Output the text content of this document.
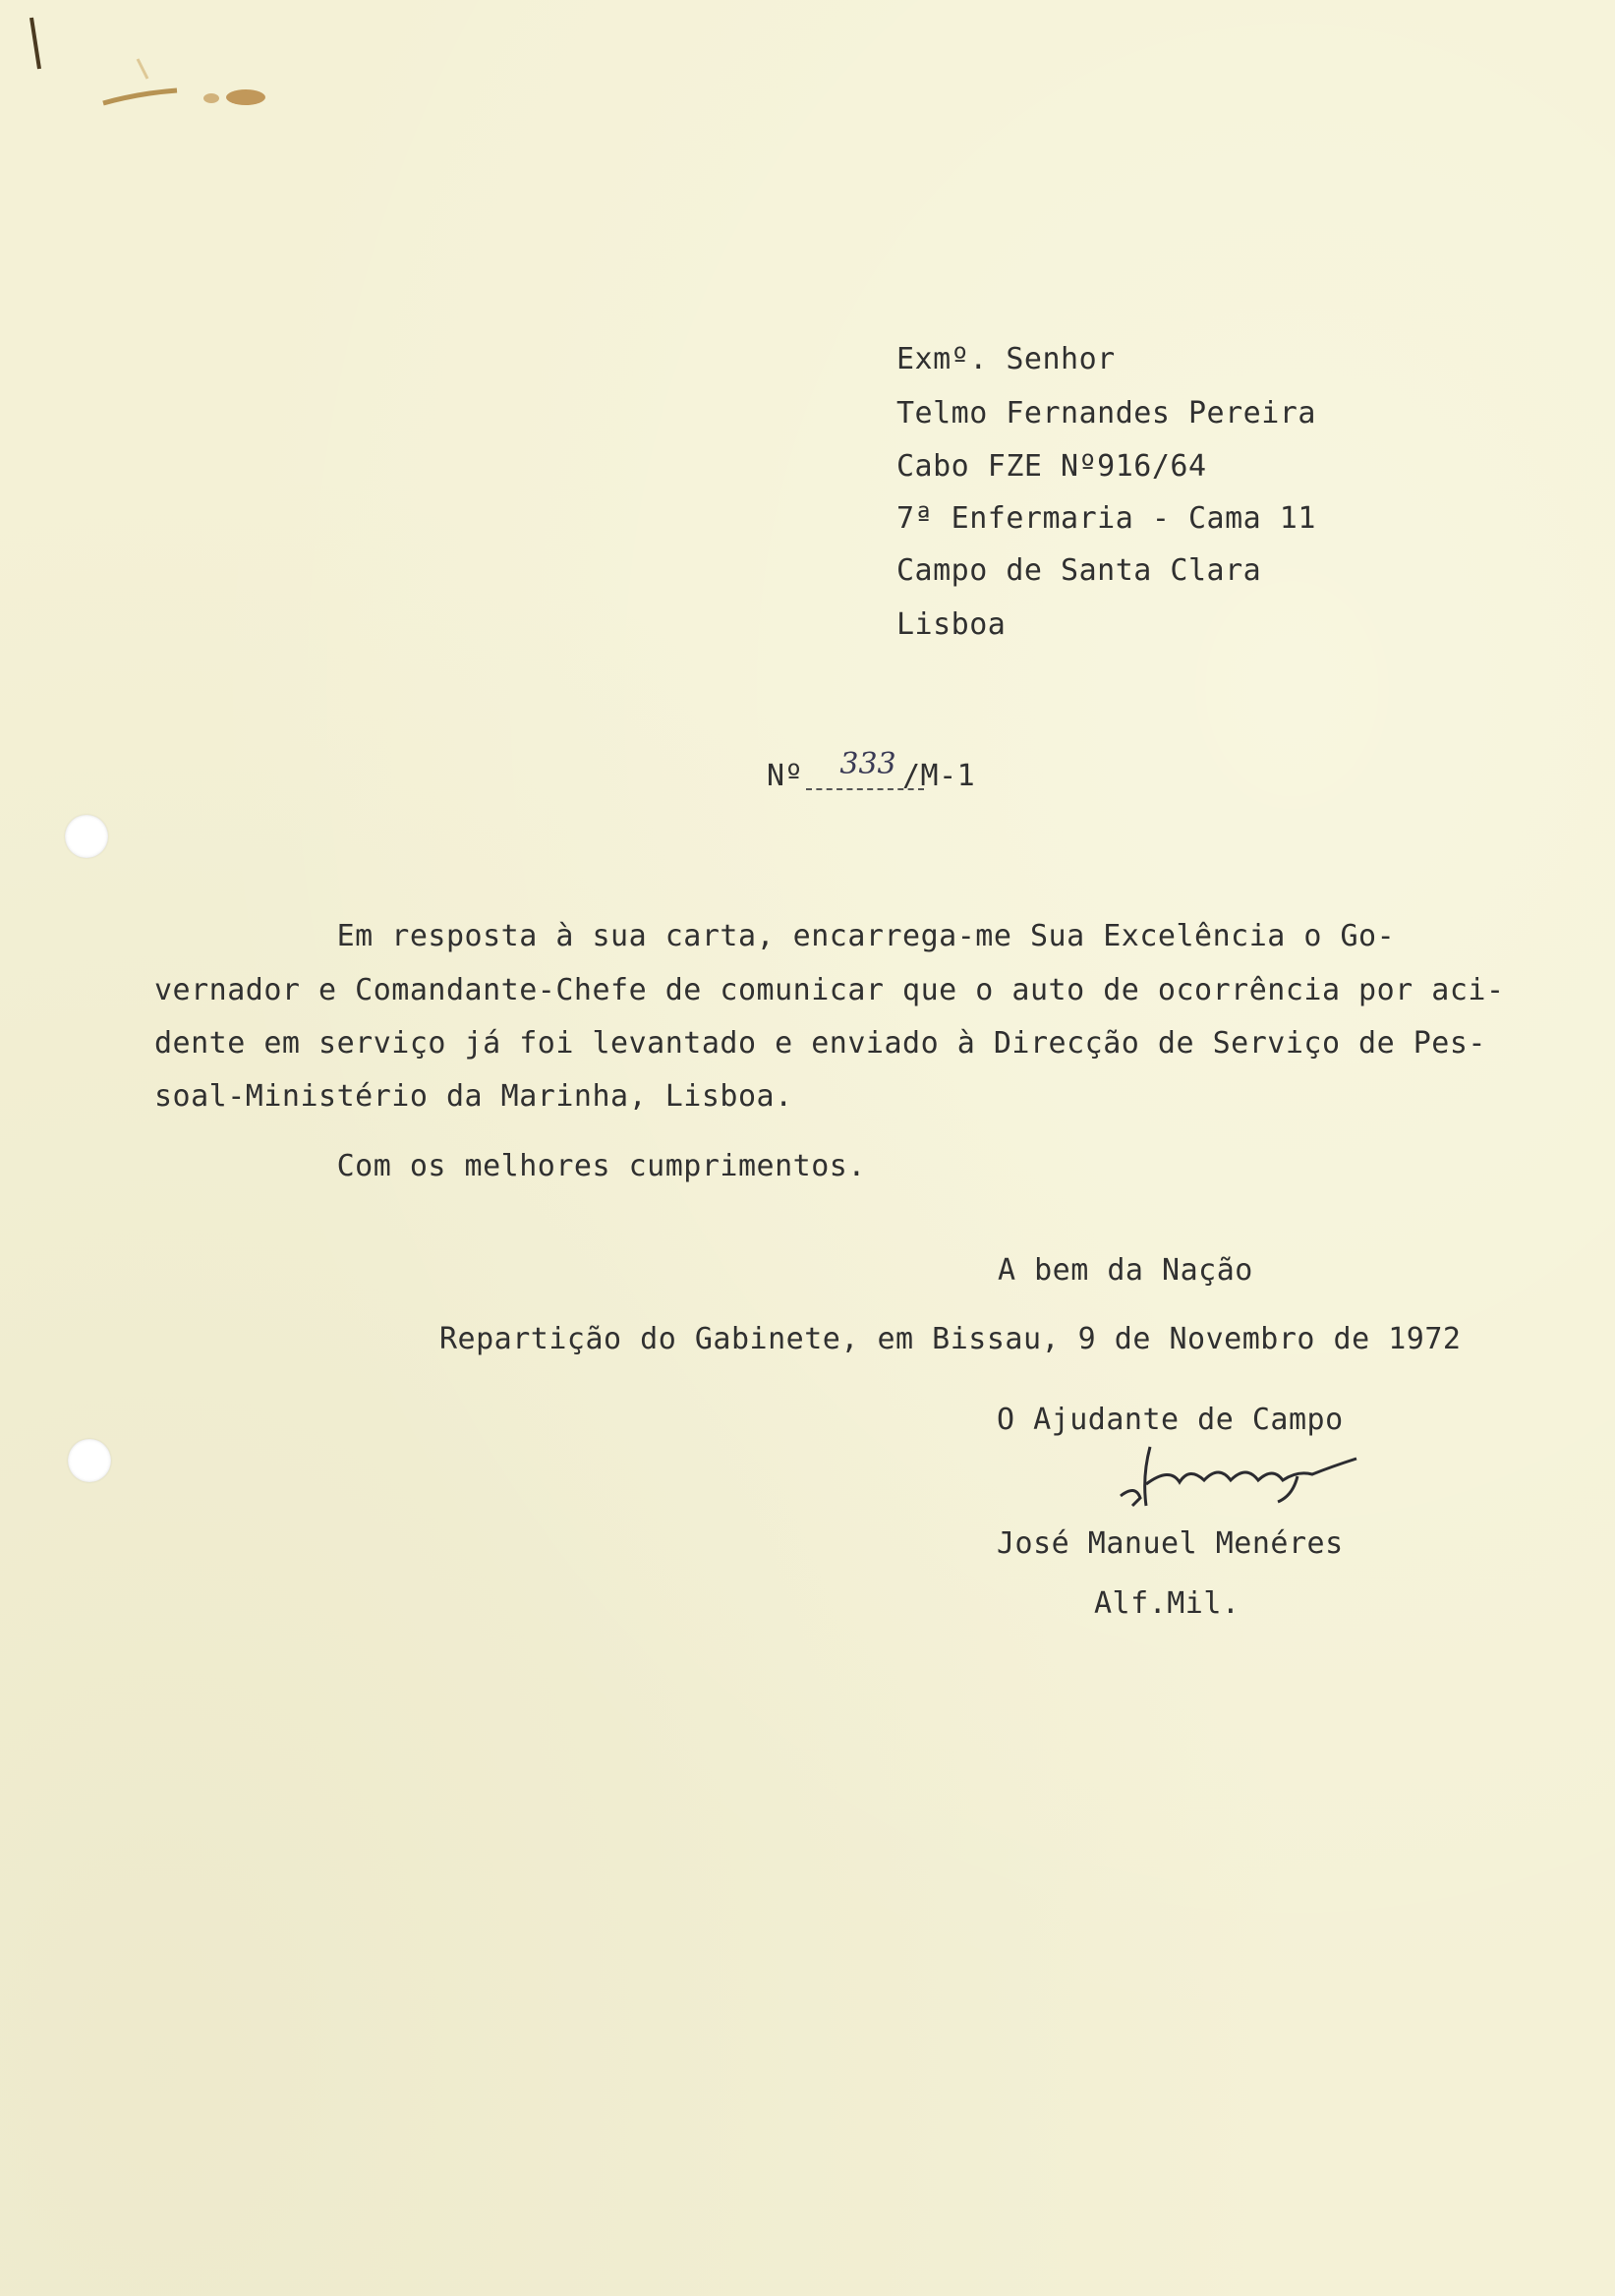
Exmº. Senhor
Telmo Fernandes Pereira
Cabo FZE Nº916/64
7ª Enfermaria - Cama 11
Campo de Santa Clara
Lisboa
Nº	333 /M-1
Em resposta à sua carta, encarrega-me Sua Excelência o Go-
vernador e Comandante-Chefe de comunicar que o auto de ocorrência por aci-
dente em serviço já foi levantado e enviado à Direcção de Serviço de Pes-
soal-Ministério da Marinha, Lisboa.
Com os melhores cumprimentos.
A bem da Nação
Repartição do Gabinete, em Bissau, 9 de Novembro de 1972
O Ajudante de Campo
José Manuel Menéres
Alf.Mil.
